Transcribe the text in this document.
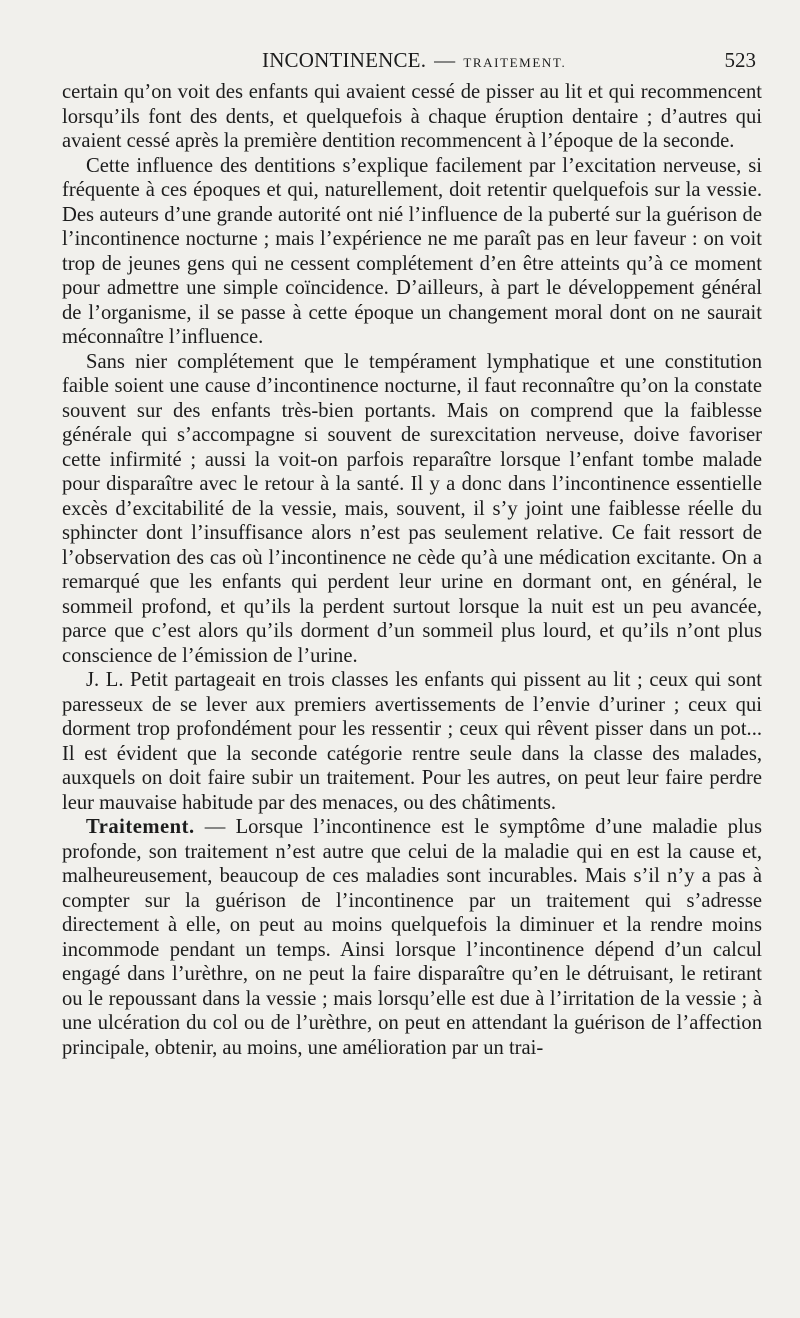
INCONTINENCE. — TRAITEMENT.	523

certain qu’on voit des enfants qui avaient cessé de pisser au lit et qui recommencent lorsqu’ils font des dents, et quelquefois à chaque éruption dentaire ; d’autres qui avaient cessé après la première dentition recommencent à l’époque de la seconde.

Cette influence des dentitions s’explique facilement par l’excitation nerveuse, si fréquente à ces époques et qui, naturellement, doit retentir quelquefois sur la vessie. Des auteurs d’une grande autorité ont nié l’influence de la puberté sur la guérison de l’incontinence nocturne ; mais l’expérience ne me paraît pas en leur faveur : on voit trop de jeunes gens qui ne cessent complétement d’en être atteints qu’à ce moment pour admettre une simple coïncidence. D’ailleurs, à part le développement général de l’organisme, il se passe à cette époque un changement moral dont on ne saurait méconnaître l’influence.

Sans nier complétement que le tempérament lymphatique et une constitution faible soient une cause d’incontinence nocturne, il faut reconnaître qu’on la constate souvent sur des enfants très-bien portants. Mais on comprend que la faiblesse générale qui s’accompagne si souvent de surexcitation nerveuse, doive favoriser cette infirmité ; aussi la voit-on parfois reparaître lorsque l’enfant tombe malade pour disparaître avec le retour à la santé. Il y a donc dans l’incontinence essentielle excès d’excitabilité de la vessie, mais, souvent, il s’y joint une faiblesse réelle du sphincter dont l’insuffisance alors n’est pas seulement relative. Ce fait ressort de l’observation des cas où l’incontinence ne cède qu’à une médication excitante. On a remarqué que les enfants qui perdent leur urine en dormant ont, en général, le sommeil profond, et qu’ils la perdent surtout lorsque la nuit est un peu avancée, parce que c’est alors qu’ils dorment d’un sommeil plus lourd, et qu’ils n’ont plus conscience de l’émission de l’urine.

J. L. Petit partageait en trois classes les enfants qui pissent au lit ; ceux qui sont paresseux de se lever aux premiers avertissements de l’envie d’uriner ; ceux qui dorment trop profondément pour les ressentir ; ceux qui rêvent pisser dans un pot... Il est évident que la seconde catégorie rentre seule dans la classe des malades, auxquels on doit faire subir un traitement. Pour les autres, on peut leur faire perdre leur mauvaise habitude par des menaces, ou des châtiments.

Traitement. — Lorsque l’incontinence est le symptôme d’une maladie plus profonde, son traitement n’est autre que celui de la maladie qui en est la cause et, malheureusement, beaucoup de ces maladies sont incurables. Mais s’il n’y a pas à compter sur la guérison de l’incontinence par un traitement qui s’adresse directement à elle, on peut au moins quelquefois la diminuer et la rendre moins incommode pendant un temps. Ainsi lorsque l’incontinence dépend d’un calcul engagé dans l’urèthre, on ne peut la faire disparaître qu’en le détruisant, le retirant ou le repoussant dans la vessie ; mais lorsqu’elle est due à l’irritation de la vessie ; à une ulcération du col ou de l’urèthre, on peut en attendant la guérison de l’affection principale, obtenir, au moins, une amélioration par un trai-
